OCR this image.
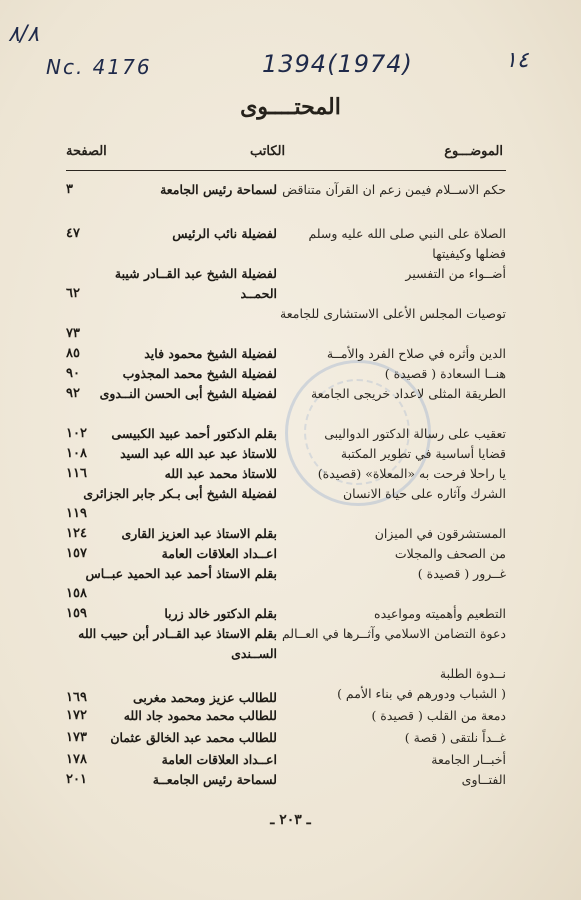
٨/٨
Nc. 4176	1394(1974)	١٤
المحتــــوى
الموضـــوع
الكاتب
الصفحة
حكم الاســلام فيمن زعم ان القرآن متناقض
لسماحة رئيس الجامعة
٣
الصلاة على النبي صلى الله عليه وسلم فضلها وكيفيتها
لفضيلة نائب الرئيس
٤٧
أضــواء من التفسير
لفضيلة الشيخ عبد القــادر شيبة الحمــد
٦٢
توصيات المجلس الأعلى الاستشارى للجامعة
٧٣
الدين وأثره في صلاح الفرد والأمــة
لفضيلة الشيخ محمود فايد
٨٥
هنــا السعادة ( قصيدة )
لفضيلة الشيخ محمد المجذوب
٩٠
الطريقة المثلى لاعداد خريجى الجامعة
لفضيلة الشيخ أبى الحسن النــدوى
٩٢
تعقيب على رسالة الدكتور الدواليبى
بقلم الدكتور أحمد عبيد الكبيسى
١٠٢
قضايا أساسية في تطوير المكتبة
للاستاذ عبد عبد الله عبد السيد
١٠٨
يا راحلا فرحت به «المعلاة» (قصيدة)
للاستاذ محمد عبد الله
١١٦
الشرك وآثاره على حياة الانسان
لفضيلة الشيخ أبى بـكر جابر الجزائرى
١١٩
المستشرقون في الميزان
بقلم الاستاذ عبد العزيز القارى
١٢٤
من الصحف والمجلات
اعــداد العلاقات العامة
١٥٧
غــرور ( قصيدة )
بقلم الاستاذ أحمد عبد الحميد عبــاس
١٥٨
التطعيم وأهميته ومواعيده
بقلم الدكتور خالد زربا
١٥٩
دعوة التضامن الاسلامي وآثــرها في العــالم
بقلم الاستاذ عبد القــادر أبن حبيب الله الســندى
نــدوة الطلبة
( الشباب ودورهم في بناء الأمم )
للطالب عزيز ومحمد مغربى
١٦٩
دمعة من القلب ( قصيدة )
للطالب محمد محمود جاد الله
١٧٢
غــداً نلتقى ( قصة )
للطالب محمد عبد الخالق عثمان
١٧٣
أخبــار الجامعة
اعــداد العلاقات العامة
١٧٨
الفتــاوى
لسماحة رئيس الجامعــة
٢٠١
ـ ٢٠٣ ـ
